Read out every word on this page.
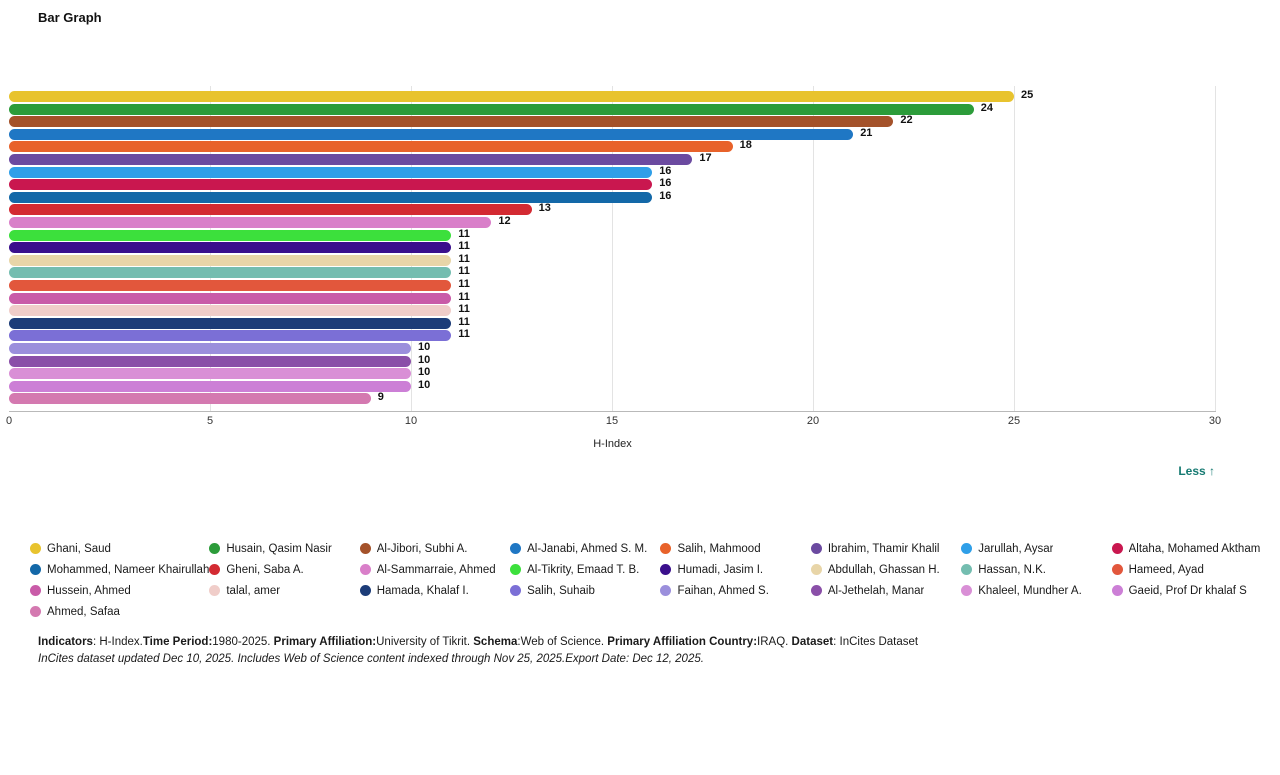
Bar Graph
25
24
22
21
18
17
16
16
16
13
12
11
11
11
11
11
11
11
11
11
10
10
10
10
9
0	5	10	15	20	25	30
H-Index
Less ↑
Ghani, Saud	Husain, Qasim Nasir	Al-Jibori, Subhi A.	Al-Janabi, Ahmed S. M.	Salih, Mahmood	Ibrahim, Thamir Khalil	Jarullah, Aysar	Altaha, Mohamed Aktham
Mohammed, Nameer Khairullah Gheni, Saba A.	Al-Sammarraie, Ahmed	Al-Tikrity, Emaad T. B.	Humadi, Jasim I.	Abdullah, Ghassan H.	Hassan, N.K.	Hameed, Ayad
Hussein, Ahmed	talal, amer	Hamada, Khalaf I.	Salih, Suhaib	Faihan, Ahmed S.	Al-Jethelah, Manar	Khaleel, Mundher A.	Gaeid, Prof Dr khalaf S
Ahmed, Safaa
Indicators: H-Index.Time Period:1980-2025. Primary Affiliation:University of Tikrit. Schema:Web of Science. Primary Affiliation Country:IRAQ. Dataset: InCites Dataset
InCites dataset updated Dec 10, 2025. Includes Web of Science content indexed through Nov 25, 2025.Export Date: Dec 12, 2025.
